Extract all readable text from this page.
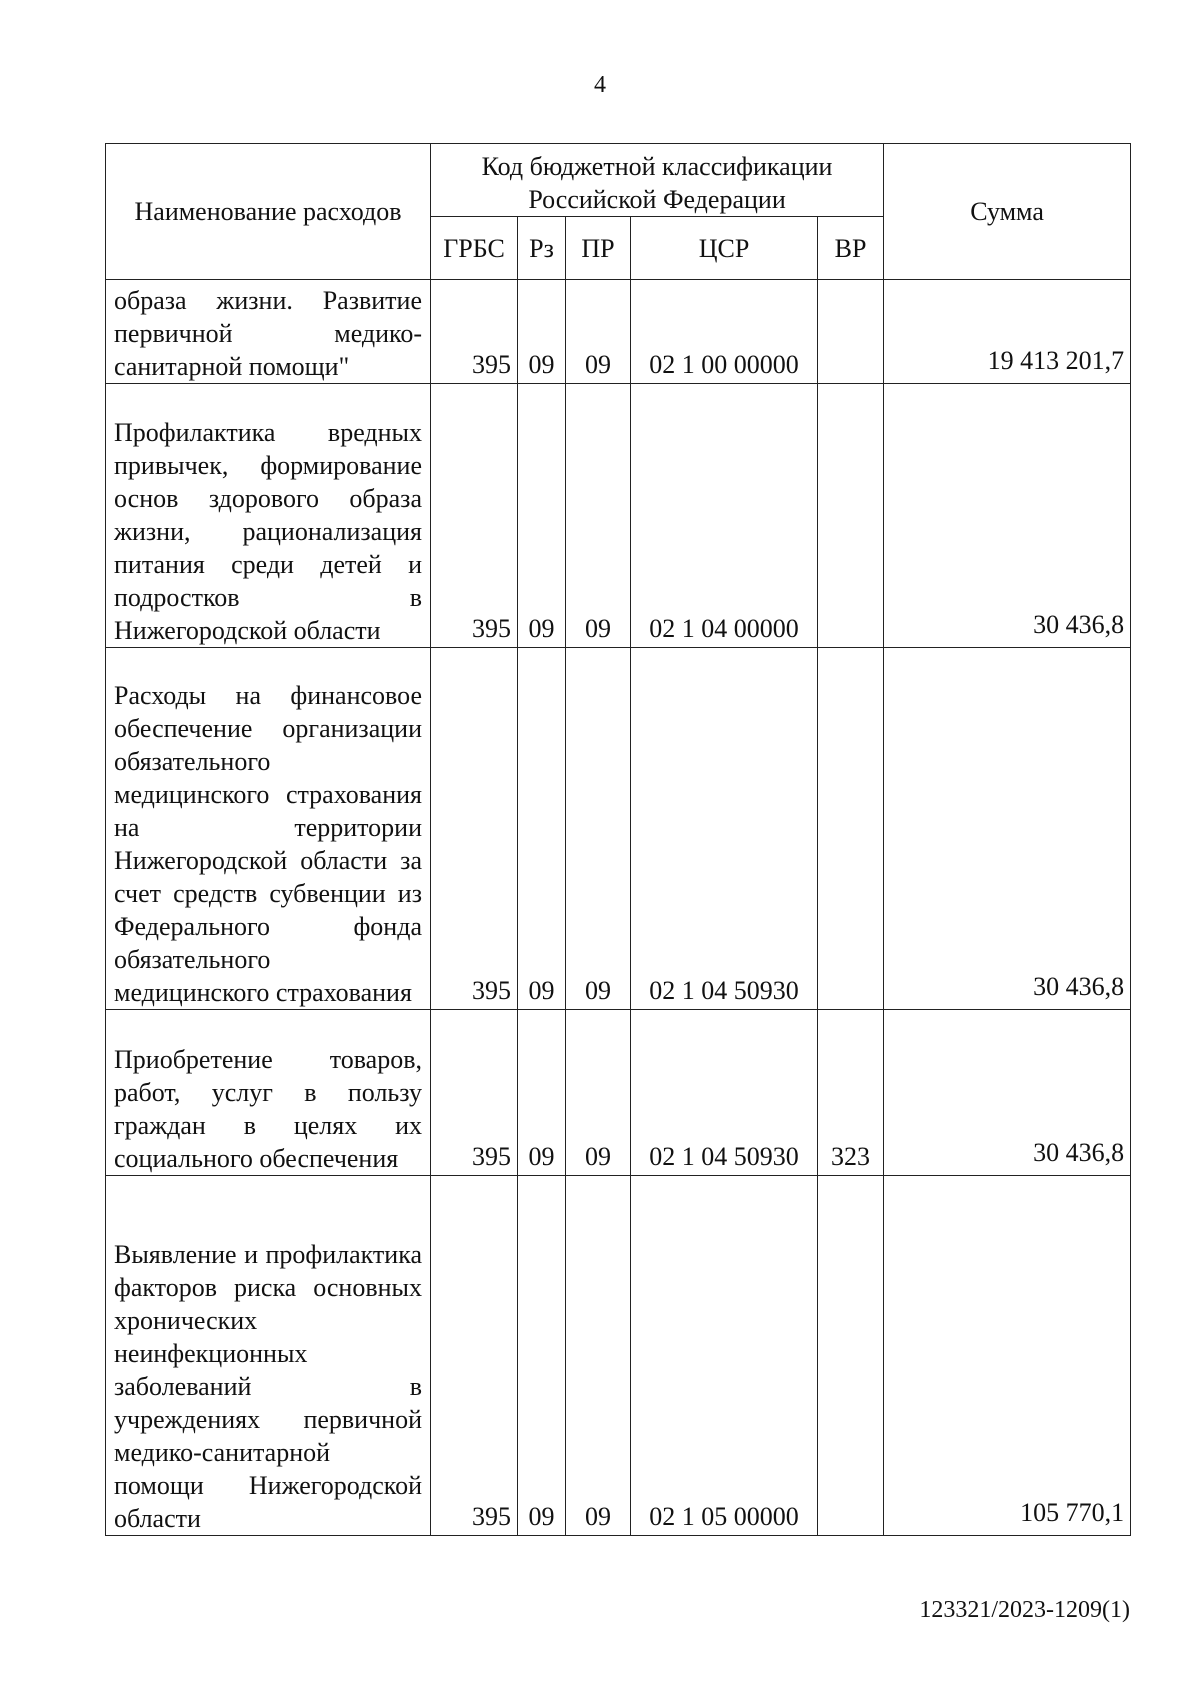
4
Наименование расходов	Код бюджетной классификации Российской Федерации					Сумма
	ГРБС	Рз	ПР	ЦСР	ВР	
образа жизни. Развитие первичной медико-санитарной помощи"	395	09	09	02 1 00 00000		19 413 201,7
Профилактика вредных привычек, формирование основ здорового образа жизни, рационализация питания среди детей и подростков в Нижегородской области	395	09	09	02 1 04 00000		30 436,8
Расходы на финансовое обеспечение организации обязательного медицинского страхования на территории Нижегородской области за счет средств субвенции из Федерального фонда обязательного медицинского страхования	395	09	09	02 1 04 50930		30 436,8
Приобретение товаров, работ, услуг в пользу граждан в целях их социального обеспечения	395	09	09	02 1 04 50930	323	30 436,8
Выявление и профилактика факторов риска основных хронических неинфекционных заболеваний в учреждениях первичной медико-санитарной помощи Нижегородской области	395	09	09	02 1 05 00000		105 770,1
123321/2023-1209(1)
